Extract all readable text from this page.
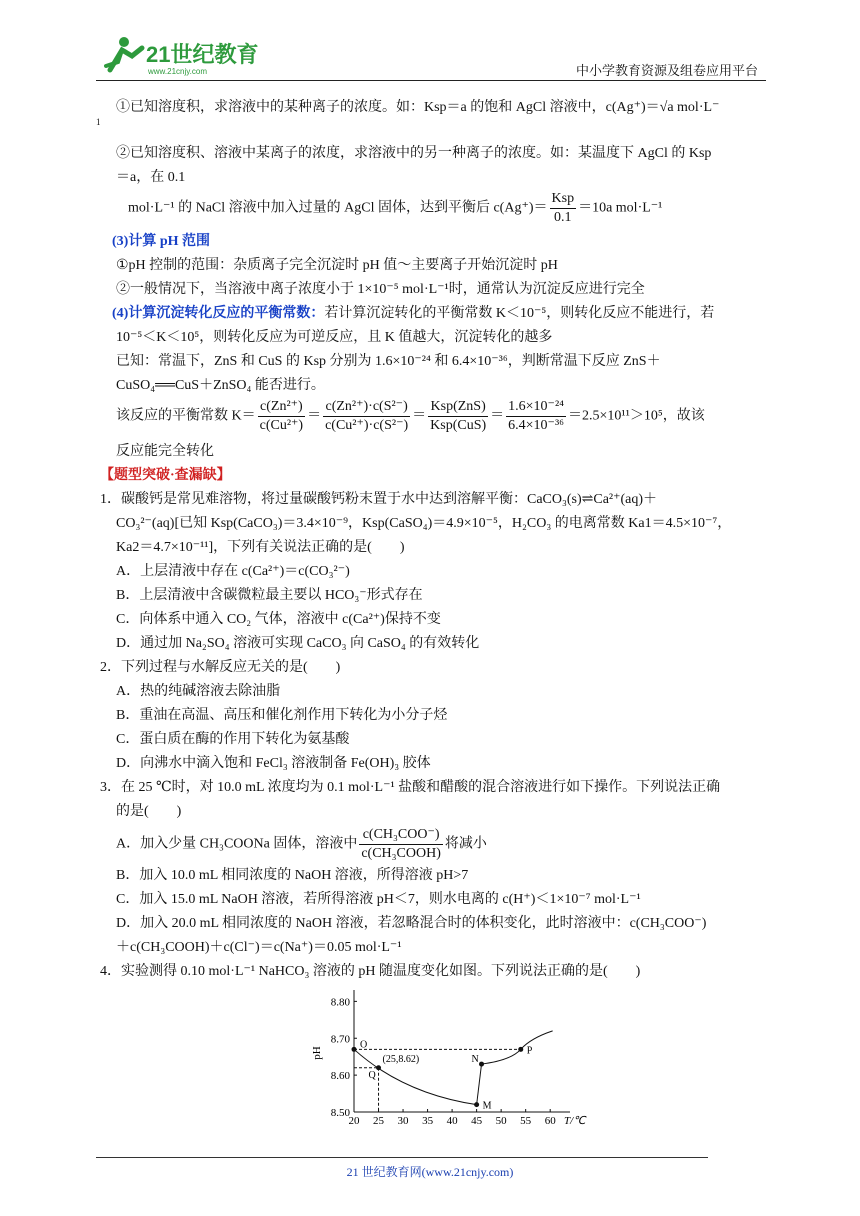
21世纪教育
www.21cnjy.com	中小学教育资源及组卷应用平台
①已知溶度积，求溶液中的某种离子的浓度。如：Ksp＝a 的饱和 AgCl 溶液中，c(Ag⁺)＝√a mol·L⁻
1
②已知溶度积、溶液中某离子的浓度，求溶液中的另一种离子的浓度。如：某温度下 AgCl 的 Ksp
＝a，在 0.1
mol·L⁻¹ 的 NaCl 溶液中加入过量的 AgCl 固体，达到平衡后 $c(Ag^+)= \frac{\text{Ksp}}{0.1} =10a$ mol·L⁻¹
(3)计算 pH 范围
①pH 控制的范围：杂质离子完全沉淀时 pH 值～主要离子开始沉淀时 pH
②一般情况下，当溶液中离子浓度小于 1×10⁻⁵ mol·L⁻¹时，通常认为沉淀反应进行完全
(4)计算沉淀转化反应的平衡常数：若计算沉淀转化的平衡常数 K＜10⁻⁵，则转化反应不能进行，若
10⁻⁵＜K＜10⁵，则转化反应为可逆反应，且 K 值越大，沉淀转化的越多
已知：常温下，ZnS 和 CuS 的 Ksp 分别为 1.6×10⁻²⁴ 和 6.4×10⁻³⁶，判断常温下反应 ZnS＋
CuSO₄══CuS＋ZnSO₄ 能否进行。
该反应的平衡常数 $K= \frac{\text{c(Zn²⁺)}}{\text{c(Cu²⁺)}} = \frac{\text{c(Zn²⁺)·c(S²⁻)}}{\text{c(Cu²⁺)·c(S²⁻)}} = \frac{\text{Ksp(ZnS)}}{\text{Ksp(CuS)}} = \frac{\text{1.6×10⁻²⁴}}{\text{6.4×10⁻³⁶}} =2.5\times 10^{11}>10^5$，故该
反应能完全转化
【题型突破·查漏缺】
1．碳酸钙是常见难溶物，将过量碳酸钙粉末置于水中达到溶解平衡：CaCO₃(s)⇌Ca²⁺(aq)＋
CO₃²⁻(aq)[已知 Ksp(CaCO₃)＝3.4×10⁻⁹，Ksp(CaSO₄)＝4.9×10⁻⁵，H₂CO₃ 的电离常数 Ka1＝4.5×10⁻⁷，
Ka2＝4.7×10⁻¹¹]，下列有关说法正确的是(　　)
A．上层清液中存在 c(Ca²⁺)＝c(CO₃²⁻)
B．上层清液中含碳微粒最主要以 HCO₃⁻形式存在
C．向体系中通入 CO₂ 气体，溶液中 c(Ca²⁺)保持不变
D．通过加 Na₂SO₄ 溶液可实现 CaCO₃ 向 CaSO₄ 的有效转化
2．下列过程与水解反应无关的是(　　)
A．热的纯碱溶液去除油脂
B．重油在高温、高压和催化剂作用下转化为小分子烃
C．蛋白质在酶的作用下转化为氨基酸
D．向沸水中滴入饱和 FeCl₃ 溶液制备 Fe(OH)₃ 胶体
3．在 25 ℃时，对 10.0 mL 浓度均为 0.1 mol·L⁻¹ 盐酸和醋酸的混合溶液进行如下操作。下列说法正确
的是(　　)
A．加入少量 CH₃COONa 固体，溶液中 $\frac{\text{c(CH₃COO⁻)}}{\text{c(CH₃COOH)}}$ 将减小
B．加入 10.0 mL 相同浓度的 NaOH 溶液，所得溶液 pH>7
C．加入 15.0 mL NaOH 溶液，若所得溶液 pH＜7，则水电离的 c(H⁺)＜1×10⁻⁷ mol·L⁻¹
D．加入 20.0 mL 相同浓度的 NaOH 溶液，若忽略混合时的体积变化，此时溶液中：c(CH₃COO⁻)
＋c(CH₃COOH)＋c(Cl⁻)＝c(Na⁺)＝0.05 mol·L⁻¹
4．实验测得 0.10 mol·L⁻¹ NaHCO₃ 溶液的 pH 随温度变化如图。下列说法正确的是(　　)
20 25 30 35 40 45 50 55 60 T/℃
8.50
8.60
8.70
8.80
pH
O
Q
M
N
P
(25,8.62)
21 世纪教育网(www.21cnjy.com)
